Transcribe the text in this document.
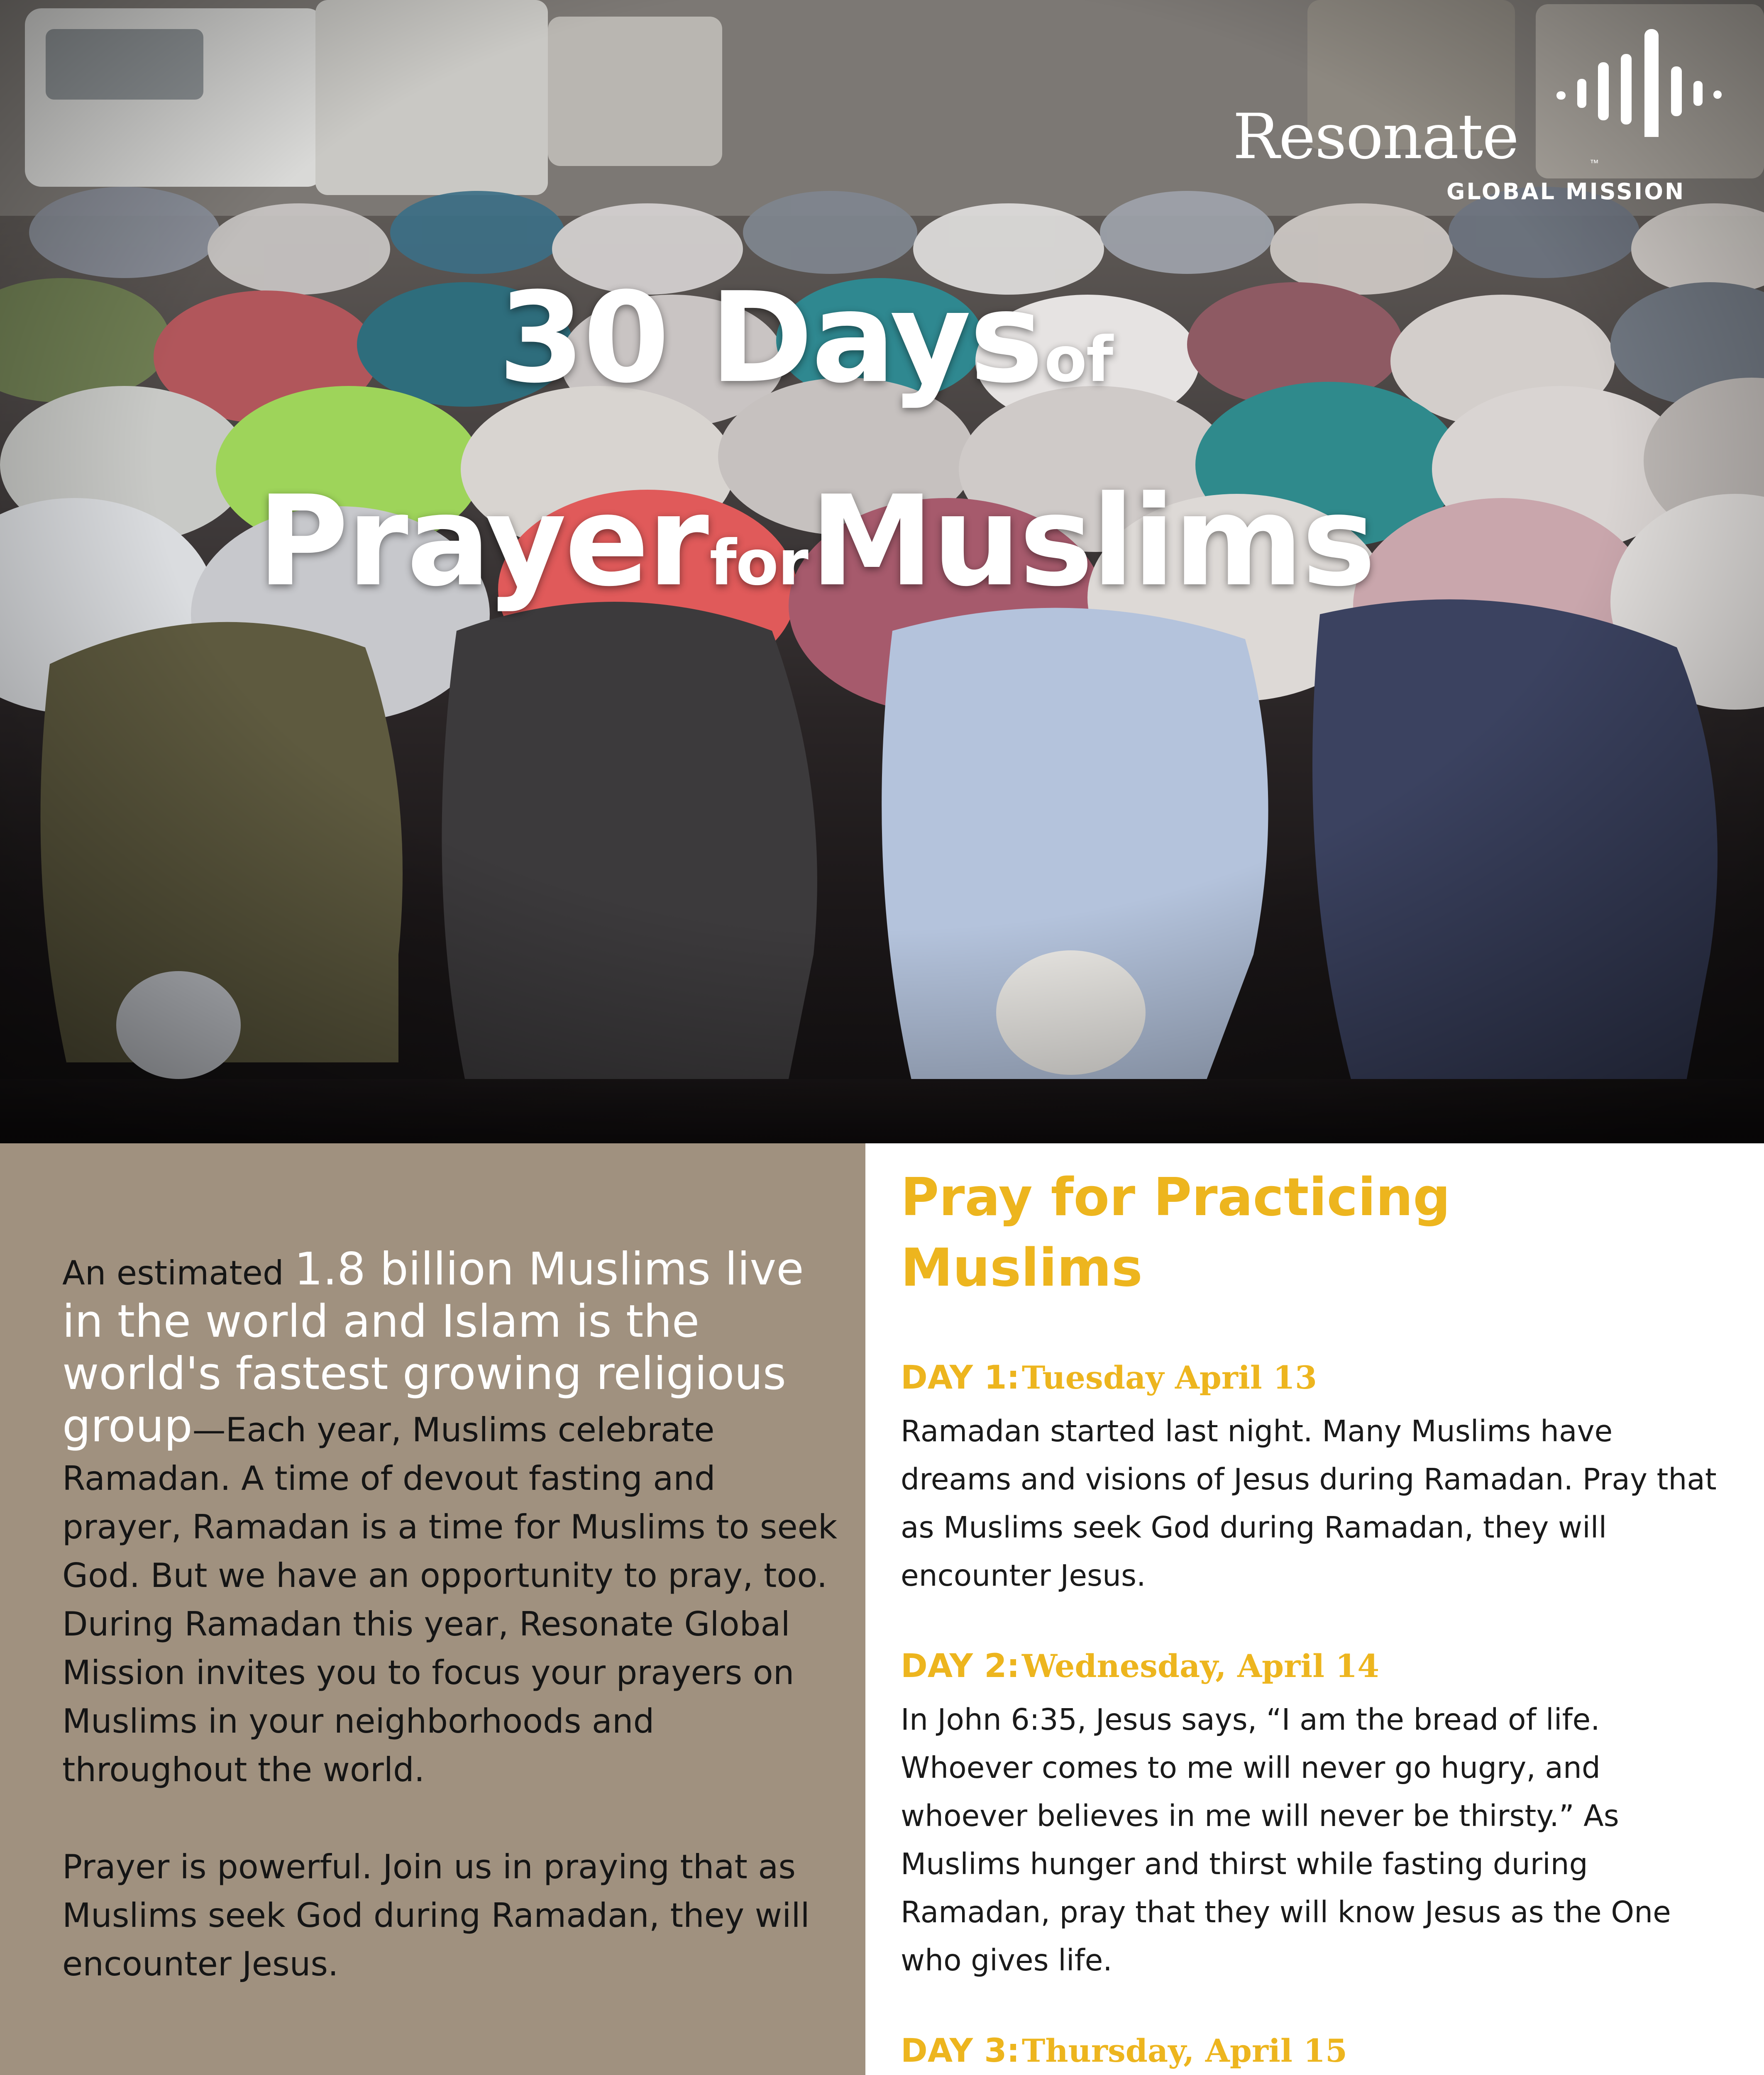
Resonate	™
GLOBAL MISSION
30 Days of
Prayer for Muslims

An estimated 1.8 billion Muslims live in the world and Islam is the world's fastest growing religious group—Each year, Muslims celebrate Ramadan. A time of devout fasting and prayer, Ramadan is a time for Muslims to seek God. But we have an opportunity to pray, too. During Ramadan this year, Resonate Global Mission invites you to focus your prayers on Muslims in your neighborhoods and throughout the world.

Prayer is powerful. Join us in praying that as Muslims seek God during Ramadan, they will encounter Jesus.

Pray for Practicing
Muslims
DAY 1: Tuesday April 13
Ramadan started last night. Many Muslims have dreams and visions of Jesus during Ramadan. Pray that as Muslims seek God during Ramadan, they will encounter Jesus.
DAY 2: Wednesday, April 14
In John 6:35, Jesus says, “I am the bread of life. Whoever comes to me will never go hugry, and whoever believes in me will never be thirsty.” As Muslims hunger and thirst while fasting during Ramadan, pray that they will know Jesus as the One who gives life.
DAY 3: Thursday, April 15
